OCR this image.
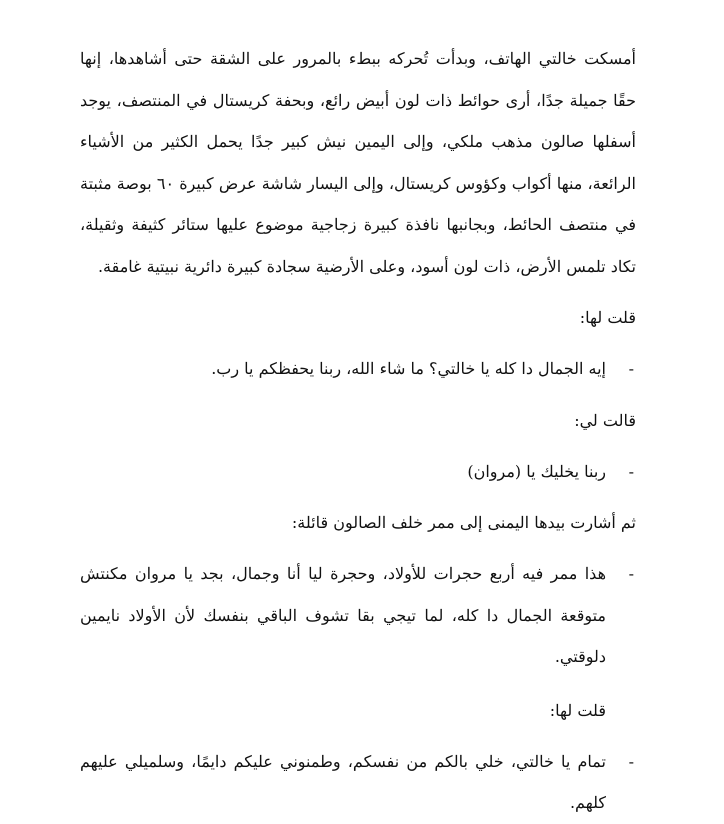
أمسكت خالتي الهاتف، وبدأت تُحركه ببطء بالمرور على الشقة حتى أشاهدها، إنها حقًا جميلة جدًا، أرى حوائط ذات لون أبيض رائع، وبحفة كريستال في المنتصف، يوجد أسفلها صالون مذهب ملكي، وإلى اليمين نيش كبير جدًا يحمل الكثير من الأشياء الرائعة، منها أكواب وكؤوس كريستال، وإلى اليسار شاشة عرض كبيرة ٦٠ بوصة مثبتة في منتصف الحائط، وبجانبها نافذة كبيرة زجاجية موضوع عليها ستائر كثيفة وثقيلة، تكاد تلمس الأرض، ذات لون أسود، وعلى الأرضية سجادة كبيرة دائرية نبيتية غامقة.

قلت لها:

-
إيه الجمال دا كله يا خالتي؟ ما شاء الله، ربنا يحفظكم يا رب.

قالت لي:

-
ربنا يخليك يا (مروان)

ثم أشارت بيدها اليمنى إلى ممر خلف الصالون قائلة:

-
هذا ممر فيه أربع حجرات للأولاد، وحجرة ليا أنا وجمال، بجد يا مروان مكنتش متوقعة الجمال دا كله، لما تيجي بقا تشوف الباقي بنفسك لأن الأولاد نايمين دلوقتي.

قلت لها:

-
تمام يا خالتي، خلي بالكم من نفسكم، وطمنوني عليكم دايمًا، وسلميلي عليهم كلهم.
